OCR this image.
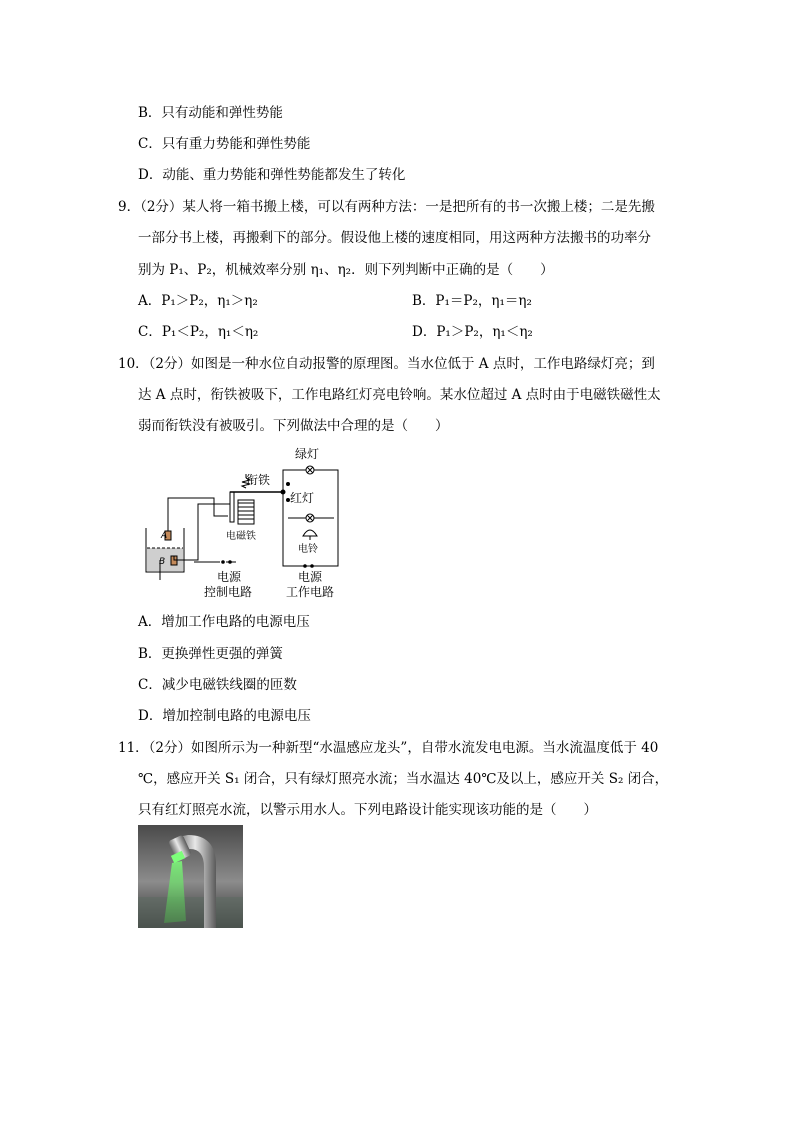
B．只有动能和弹性势能
C．只有重力势能和弹性势能
D．动能、重力势能和弹性势能都发生了转化
9．（2分）某人将一箱书搬上楼，可以有两种方法：一是把所有的书一次搬上楼；二是先搬
一部分书上楼，再搬剩下的部分。假设他上楼的速度相同，用这两种方法搬书的功率分
别为 P₁、P₂，机械效率分别 η₁、η₂．则下列判断中正确的是（　　）
A．P₁＞P₂，η₁＞η₂	B．P₁＝P₂，η₁＝η₂
C．P₁＜P₂，η₁＜η₂	D．P₁＞P₂，η₁＜η₂
10．（2分）如图是一种水位自动报警的原理图。当水位低于 A 点时，工作电路绿灯亮；到
达 A 点时，衔铁被吸下，工作电路红灯亮电铃响。某水位超过 A 点时由于电磁铁磁性太
弱而衔铁没有被吸引。下列做法中合理的是（　　）
绿灯
衔铁
红灯
电磁铁
电铃
A
B
电源
控制电路
电源
工作电路
A．增加工作电路的电源电压
B．更换弹性更强的弹簧
C．减少电磁铁线圈的匝数
D．增加控制电路的电源电压
11．（2分）如图所示为一种新型“水温感应龙头”，自带水流发电电源。当水流温度低于 40
℃，感应开关 S₁ 闭合，只有绿灯照亮水流；当水温达 40℃及以上，感应开关 S₂ 闭合，
只有红灯照亮水流，以警示用水人。下列电路设计能实现该功能的是（　　）
